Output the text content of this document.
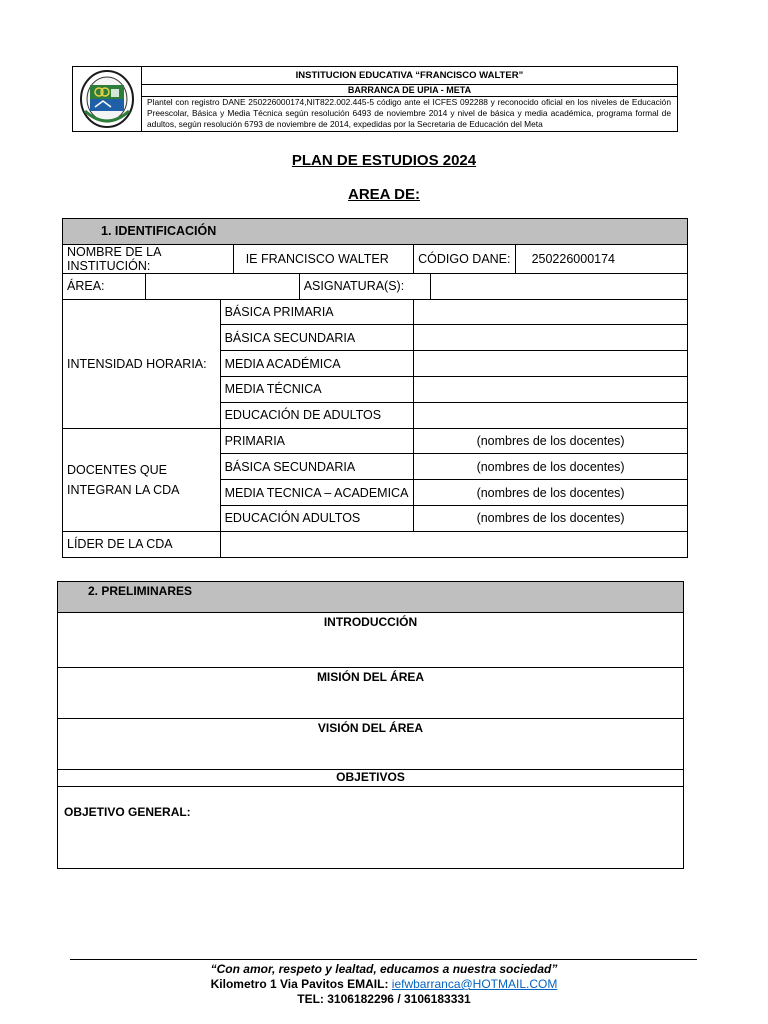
INSTITUCION EDUCATIVA “FRANCISCO WALTER”
BARRANCA DE UPIA - META
Plantel con registro DANE 250226000174,NIT822.002.445-5 código ante el ICFES 092288 y reconocido oficial en los niveles de Educación Preescolar, Básica y Media Técnica según resolución 6493 de noviembre 2014 y nivel de básica y media académica, programa formal de adultos, según resolución 6793 de noviembre de 2014, expedidas por la Secretaria de Educación del Meta
PLAN DE ESTUDIOS 2024
AREA DE:
1. IDENTIFICACIÓN							
NOMBRE DE LA INSTITUCIÓN:			IE FRANCISCO WALTER		CÓDIGO DANE:		250226000174
ÁREA:				ASIGNATURA(S):			
INTENSIDAD HORARIA:		BÁSICA PRIMARIA					
		BÁSICA SECUNDARIA					
		MEDIA ACADÉMICA					
		MEDIA TÉCNICA					
		EDUCACIÓN DE ADULTOS					
DOCENTES QUE INTEGRAN LA CDA		PRIMARIA			(nombres de los docentes)		
		BÁSICA SECUNDARIA			(nombres de los docentes)		
		MEDIA TECNICA – ACADEMICA			(nombres de los docentes)		
		EDUCACIÓN ADULTOS			(nombres de los docentes)		
LÍDER DE LA CDA							
2. PRELIMINARES
INTRODUCCIÓN
MISIÓN DEL ÁREA
VISIÓN DEL ÁREA
OBJETIVOS
OBJETIVO GENERAL:
“Con amor, respeto y lealtad, educamos a nuestra sociedad”
Kilometro 1 Via Pavitos EMAIL: iefwbarranca@HOTMAIL.COM
TEL: 3106182296 / 3106183331
